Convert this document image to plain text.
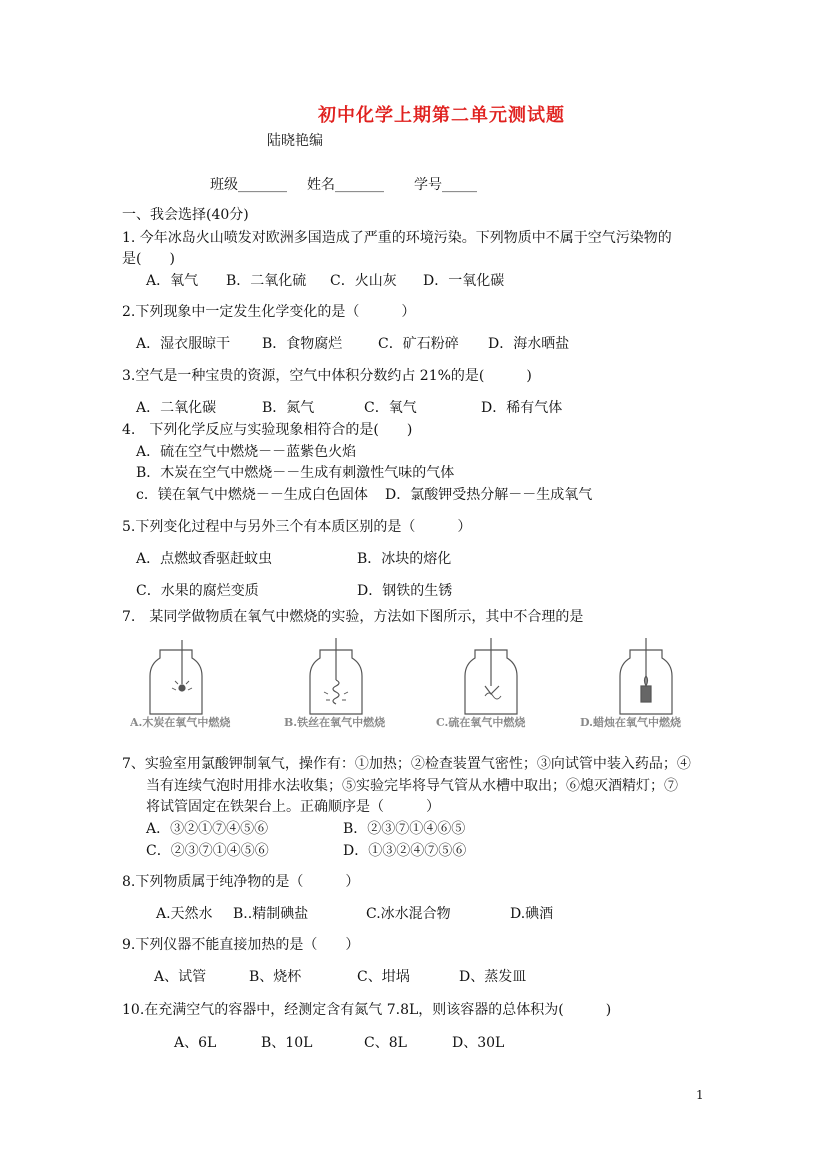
初中化学上期第二单元测试题
陆晓艳编
班级_______ 姓名_______ 学号_____
一、我会选择(40分)
1. 今年冰岛火山喷发对欧洲多国造成了严重的环境污染。下列物质中不属于空气污染物的
是(　　)
A．氧气 B．二氧化硫 C．火山灰 D．一氧化碳
2.下列现象中一定发生化学变化的是（　　　）
A．湿衣服晾干 B．食物腐烂	C．矿石粉碎 D．海水晒盐
3.空气是一种宝贵的资源，空气中体积分数约占 21%的是(　　　)
A．二氧化碳	B．氮气	C．氧气	D．稀有气体
4.　下列化学反应与实验现象相符合的是(　　)
A．硫在空气中燃烧－－蓝紫色火焰
B．木炭在空气中燃烧－－生成有刺激性气味的气体
c．镁在氧气中燃烧－－生成白色固体 D．氯酸钾受热分解－－生成氧气
5.下列变化过程中与另外三个有本质区别的是（　　　）
A．点燃蚊香驱赶蚊虫	B．冰块的熔化
C．水果的腐烂变质	D．钢铁的生锈
7.　某同学做物质在氧气中燃烧的实验，方法如下图所示，其中不合理的是
A.木炭在氧气中燃烧	B.铁丝在氧气中燃烧	C.硫在氧气中燃烧	D.蜡烛在氧气中燃烧
7、实验室用氯酸钾制氧气，操作有：①加热；②检查装置气密性；③向试管中装入药品；④
当有连续气泡时用排水法收集；⑤实验完毕将导气管从水槽中取出；⑥熄灭酒精灯；⑦
将试管固定在铁架台上。正确顺序是（　　　）
A．③②①⑦④⑤⑥	B．②③⑦①④⑥⑤
C．②③⑦①④⑤⑥	D．①③②④⑦⑤⑥
8.下列物质属于纯净物的是（　　　）
A.天然水 B..精制碘盐	C.冰水混合物	D.碘酒
9.下列仪器不能直接加热的是（　　）
A、试管	B、烧杯	C、坩埚	D、蒸发皿
10.在充满空气的容器中，经测定含有氮气 7.8L，则该容器的总体积为(　　　)
A、6L	B、10L	C、8L	D、30L
1
